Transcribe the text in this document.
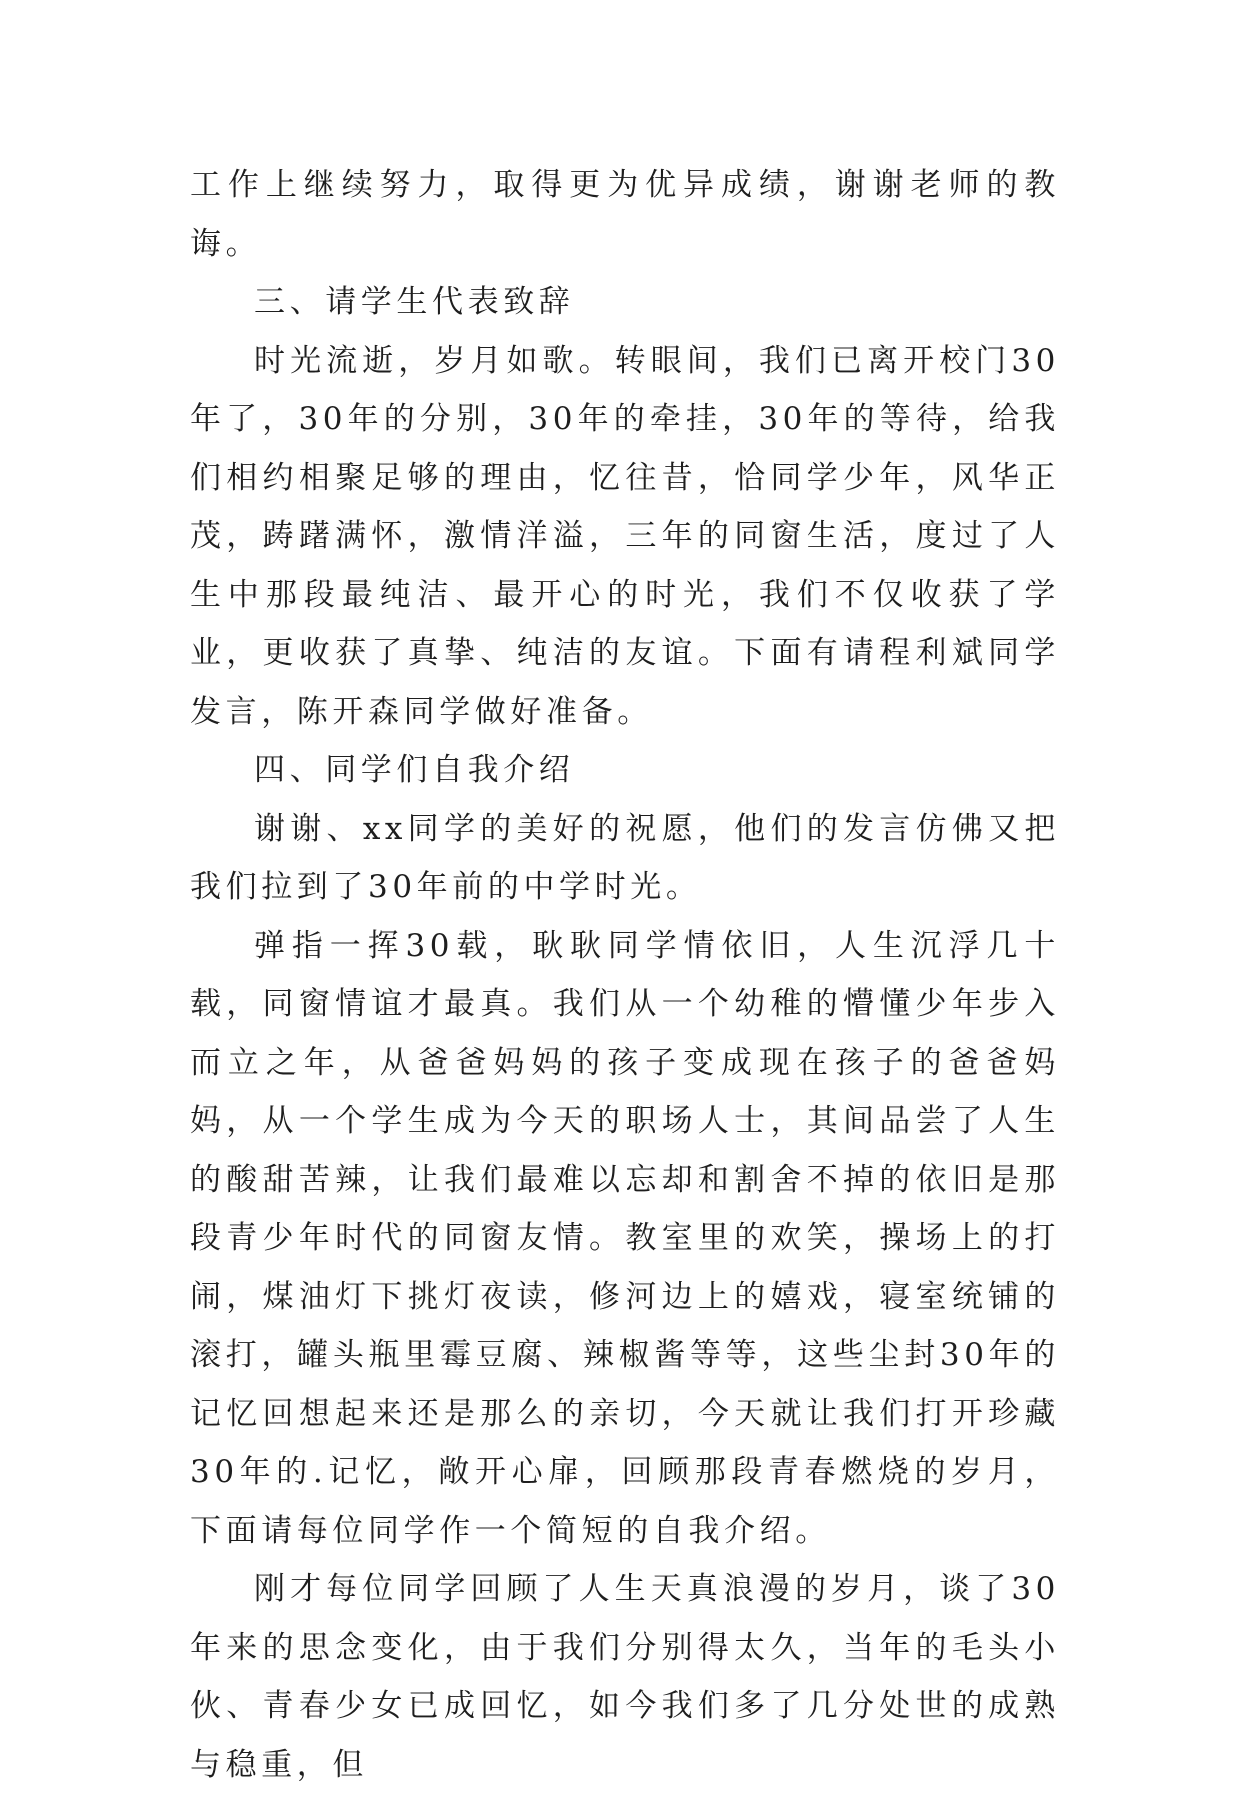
工作上继续努力，取得更为优异成绩，谢谢老师的教诲。

三、请学生代表致辞

时光流逝，岁月如歌。转眼间，我们已离开校门30年了，30年的分别，30年的牵挂，30年的等待，给我们相约相聚足够的理由，忆往昔，恰同学少年，风华正茂，踌躇满怀，激情洋溢，三年的同窗生活，度过了人生中那段最纯洁、最开心的时光，我们不仅收获了学业，更收获了真挚、纯洁的友谊。下面有请程利斌同学发言，陈开森同学做好准备。

四、同学们自我介绍

谢谢、xx同学的美好的祝愿，他们的发言仿佛又把我们拉到了30年前的中学时光。

弹指一挥30载，耿耿同学情依旧，人生沉浮几十载，同窗情谊才最真。我们从一个幼稚的懵懂少年步入而立之年，从爸爸妈妈的孩子变成现在孩子的爸爸妈妈，从一个学生成为今天的职场人士，其间品尝了人生的酸甜苦辣，让我们最难以忘却和割舍不掉的依旧是那段青少年时代的同窗友情。教室里的欢笑，操场上的打闹，煤油灯下挑灯夜读，修河边上的嬉戏，寝室统铺的滚打，罐头瓶里霉豆腐、辣椒酱等等，这些尘封30年的记忆回想起来还是那么的亲切，今天就让我们打开珍藏30年的.记忆，敞开心扉，回顾那段青春燃烧的岁月，下面请每位同学作一个简短的自我介绍。

刚才每位同学回顾了人生天真浪漫的岁月，谈了30年来的思念变化，由于我们分别得太久，当年的毛头小伙、青春少女已成回忆，如今我们多了几分处世的成熟与稳重，但
